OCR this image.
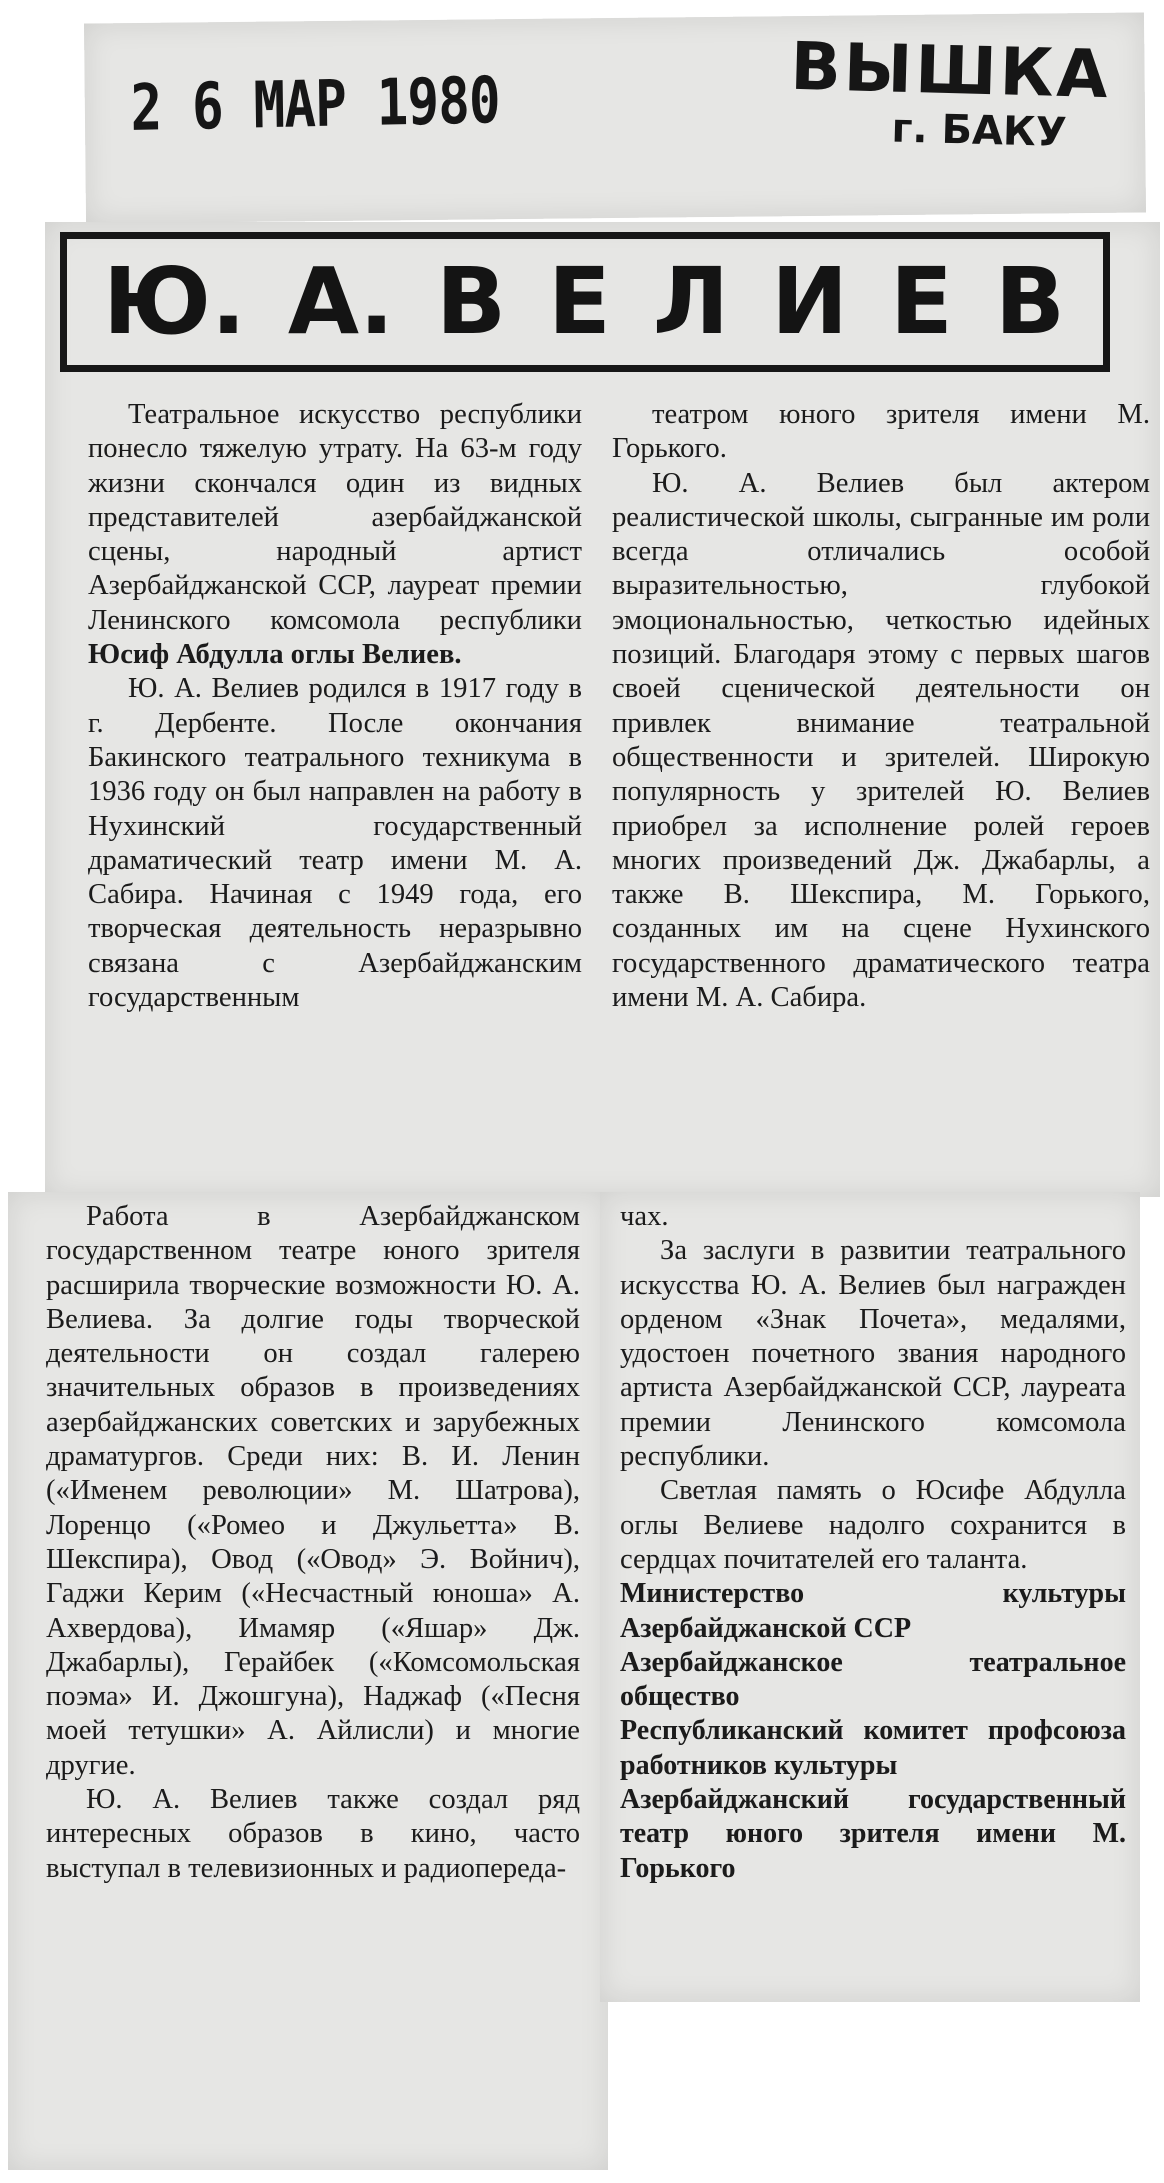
2 6 МАР 1980	ВЫШКА
г. БАКУ
Ю. А. В Е Л И Е В

Театральное искусство республики понесло тяжелую утрату. На 63-м году жизни скончался один из видных представителей азербайджанской сцены, народный артист Азербайджанской ССР, лауреат премии Ленинского комсомола республики Юсиф Абдулла оглы Велиев.

Ю. А. Велиев родился в 1917 году в г. Дербенте. После окончания Бакинского театрального техникума в 1936 году он был направлен на работу в Нухинский государственный драматический театр имени М. А. Сабира. Начиная с 1949 года, его творческая деятельность неразрывно связана с Азербайджанским государственным

театром юного зрителя имени М. Горького.

Ю. А. Велиев был актером реалистической школы, сыгранные им роли всегда отличались особой выразительностью, глубокой эмоциональностью, четкостью идейных позиций. Благодаря этому с первых шагов своей сценической деятельности он привлек внимание театральной общественности и зрителей. Широкую популярность у зрителей Ю. Велиев приобрел за исполнение ролей героев многих произведений Дж. Джабарлы, а также В. Шекспира, М. Горького, созданных им на сцене Нухинского государственного драматического театра имени М. А. Сабира.

Работа в Азербайджанском государственном театре юного зрителя расширила творческие возможности Ю. А. Велиева. За долгие годы творческой деятельности он создал галерею значительных образов в произведениях азербайджанских советских и зарубежных драматургов. Среди них: В. И. Ленин («Именем революции» М. Шатрова), Лоренцо («Ромео и Джульетта» В. Шекспира), Овод («Овод» Э. Войнич), Гаджи Керим («Несчастный юноша» А. Ахвердова), Имамяр («Яшар» Дж. Джабарлы), Герайбек («Комсомольская поэма» И. Джошгуна), Наджаф («Песня моей тетушки» А. Айлисли) и многие другие.

Ю. А. Велиев также создал ряд интересных образов в кино, часто выступал в телевизионных и радиопереда-

чах.

За заслуги в развитии театрального искусства Ю. А. Велиев был награжден орденом «Знак Почета», медалями, удостоен почетного звания народного артиста Азербайджанской ССР, лауреата премии Ленинского комсомола республики.

Светлая память о Юсифе Абдулла оглы Велиеве надолго сохранится в сердцах почитателей его таланта.

Министерство культуры Азербайджанской ССР

Азербайджанское театральное общество

Республиканский комитет профсоюза работников культуры

Азербайджанский государственный театр юного зрителя имени М. Горького
